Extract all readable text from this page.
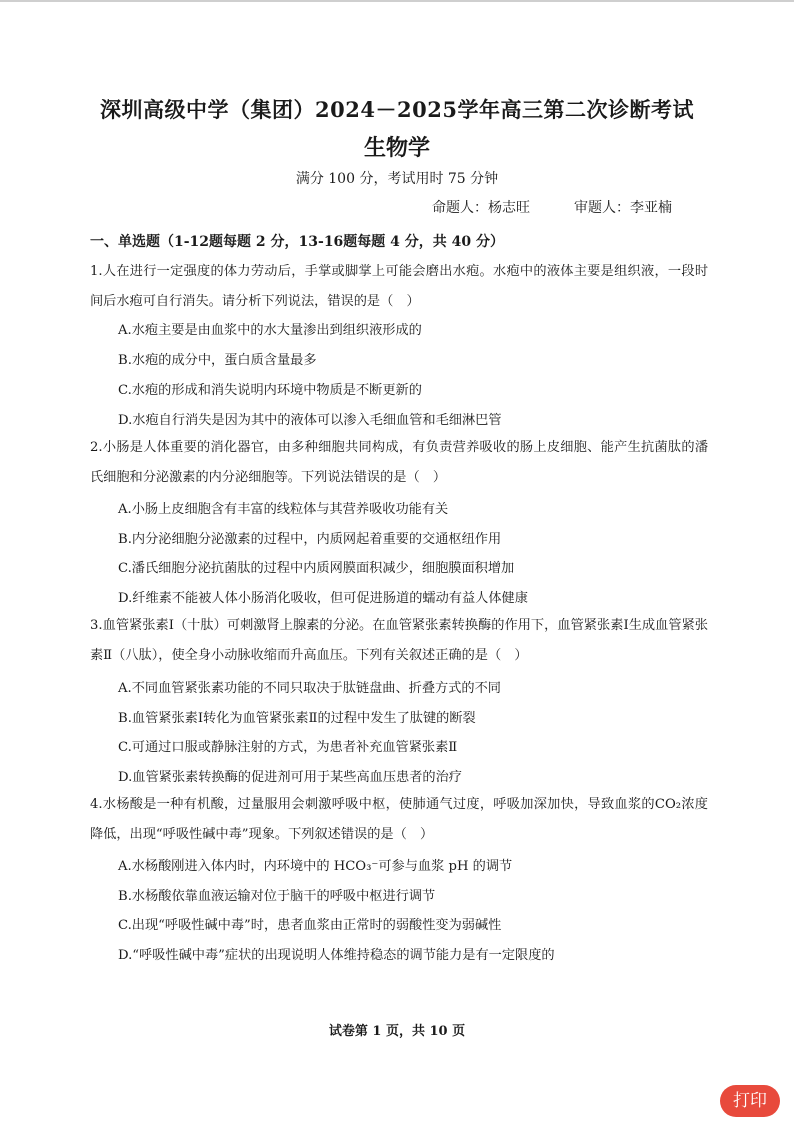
深圳高级中学（集团）2024－2025学年高三第二次诊断考试
生物学
满分 100 分，考试用时 75 分钟
命题人：杨志旺	审题人：李亚楠
一、单选题（1-12题每题 2 分，13-16题每题 4 分，共 40 分）
1.人在进行一定强度的体力劳动后，手掌或脚掌上可能会磨出水疱。水疱中的液体主要是组织液，一段时间后水疱可自行消失。请分析下列说法，错误的是（　）
A.水疱主要是由血浆中的水大量渗出到组织液形成的
B.水疱的成分中，蛋白质含量最多
C.水疱的形成和消失说明内环境中物质是不断更新的
D.水疱自行消失是因为其中的液体可以渗入毛细血管和毛细淋巴管
2.小肠是人体重要的消化器官，由多种细胞共同构成，有负责营养吸收的肠上皮细胞、能产生抗菌肽的潘氏细胞和分泌激素的内分泌细胞等。下列说法错误的是（　）
A.小肠上皮细胞含有丰富的线粒体与其营养吸收功能有关
B.内分泌细胞分泌激素的过程中，内质网起着重要的交通枢纽作用
C.潘氏细胞分泌抗菌肽的过程中内质网膜面积减少，细胞膜面积增加
D.纤维素不能被人体小肠消化吸收，但可促进肠道的蠕动有益人体健康
3.血管紧张素Ⅰ（十肽）可刺激肾上腺素的分泌。在血管紧张素转换酶的作用下，血管紧张素Ⅰ生成血管紧张素Ⅱ（八肽），使全身小动脉收缩而升高血压。下列有关叙述正确的是（　）
A.不同血管紧张素功能的不同只取决于肽链盘曲、折叠方式的不同
B.血管紧张素Ⅰ转化为血管紧张素Ⅱ的过程中发生了肽键的断裂
C.可通过口服或静脉注射的方式，为患者补充血管紧张素Ⅱ
D.血管紧张素转换酶的促进剂可用于某些高血压患者的治疗
4.水杨酸是一种有机酸，过量服用会刺激呼吸中枢，使肺通气过度，呼吸加深加快，导致血浆的CO₂浓度降低，出现“呼吸性碱中毒”现象。下列叙述错误的是（　）
A.水杨酸刚进入体内时，内环境中的 HCO₃⁻可参与血浆 pH 的调节
B.水杨酸依靠血液运输对位于脑干的呼吸中枢进行调节
C.出现“呼吸性碱中毒”时，患者血浆由正常时的弱酸性变为弱碱性
D.“呼吸性碱中毒”症状的出现说明人体维持稳态的调节能力是有一定限度的
试卷第 1 页，共 10 页
打印
